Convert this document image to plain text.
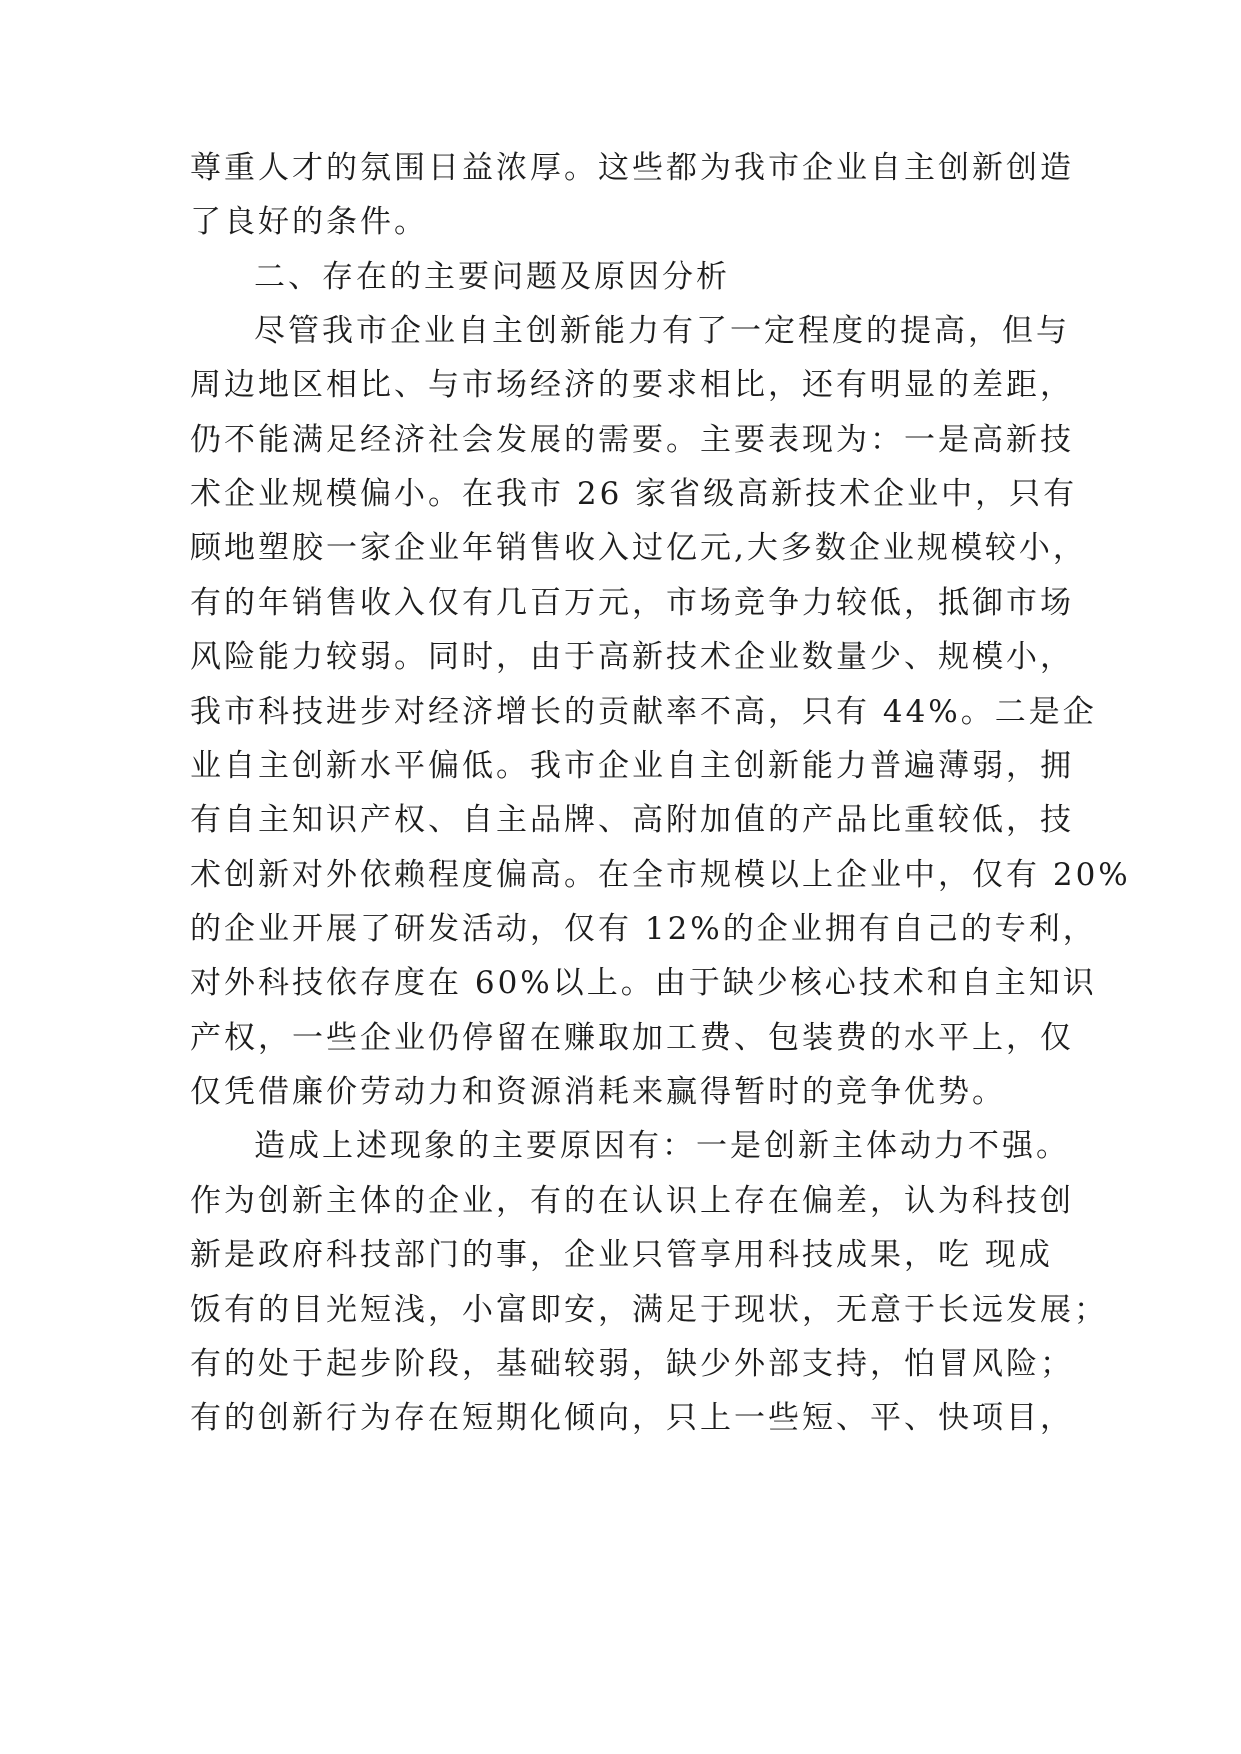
尊重人才的氛围日益浓厚。这些都为我市企业自主创新创造
了良好的条件。
二、存在的主要问题及原因分析
尽管我市企业自主创新能力有了一定程度的提高，但与
周边地区相比、与市场经济的要求相比，还有明显的差距，
仍不能满足经济社会发展的需要。主要表现为：一是高新技
术企业规模偏小。在我市 26 家省级高新技术企业中，只有
顾地塑胶一家企业年销售收入过亿元,大多数企业规模较小，
有的年销售收入仅有几百万元，市场竞争力较低，抵御市场
风险能力较弱。同时，由于高新技术企业数量少、规模小，
我市科技进步对经济增长的贡献率不高，只有 44%。二是企
业自主创新水平偏低。我市企业自主创新能力普遍薄弱，拥
有自主知识产权、自主品牌、高附加值的产品比重较低，技
术创新对外依赖程度偏高。在全市规模以上企业中，仅有 20%
的企业开展了研发活动，仅有 12%的企业拥有自己的专利，
对外科技依存度在 60%以上。由于缺少核心技术和自主知识
产权，一些企业仍停留在赚取加工费、包装费的水平上，仅
仅凭借廉价劳动力和资源消耗来赢得暂时的竞争优势。
造成上述现象的主要原因有：一是创新主体动力不强。
作为创新主体的企业，有的在认识上存在偏差，认为科技创
新是政府科技部门的事，企业只管享用科技成果，吃 现成
饭有的目光短浅，小富即安，满足于现状，无意于长远发展；
有的处于起步阶段，基础较弱，缺少外部支持，怕冒风险；
有的创新行为存在短期化倾向，只上一些短、平、快项目，
